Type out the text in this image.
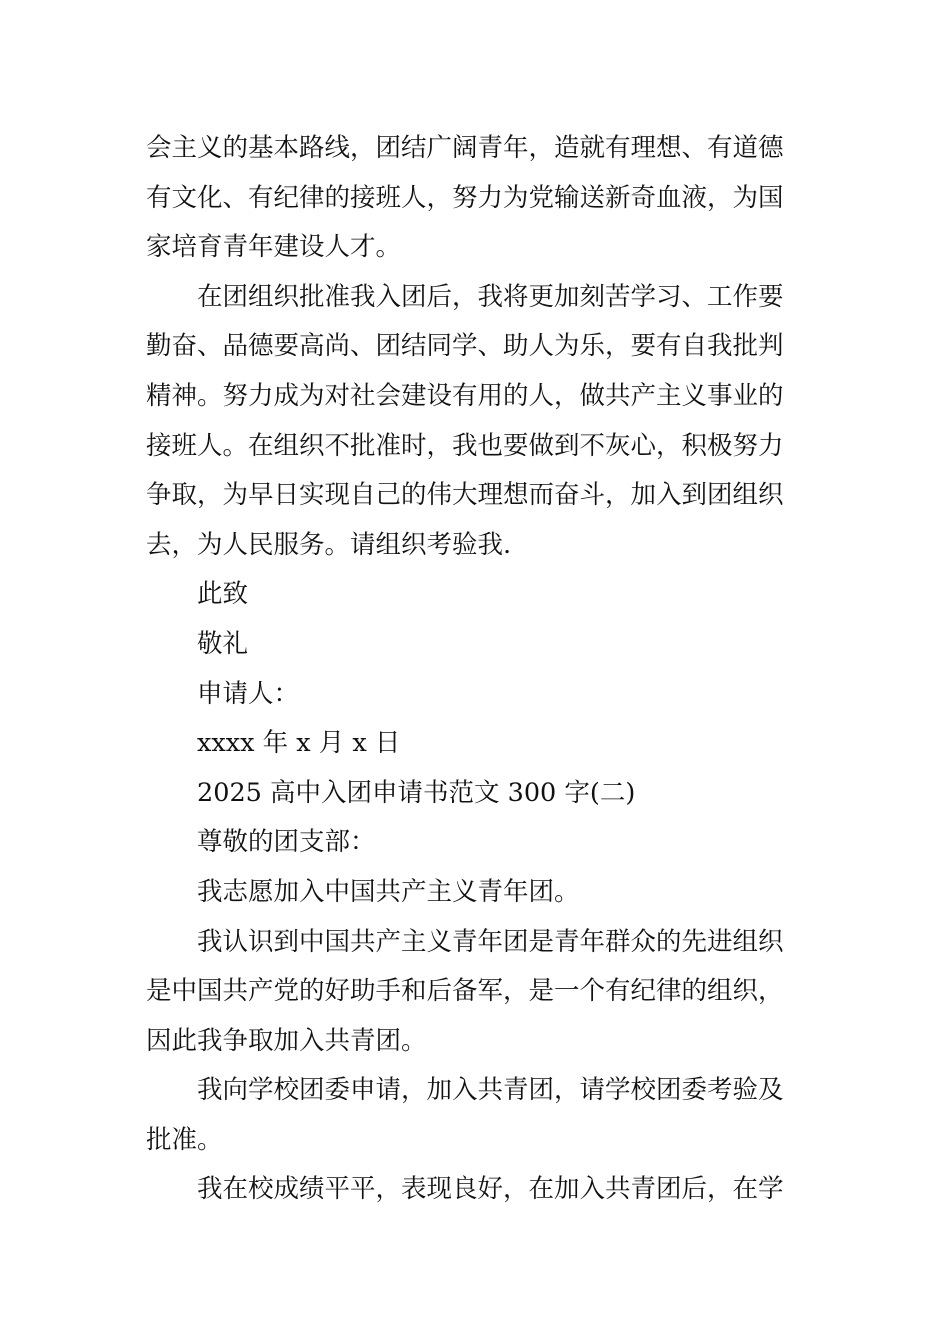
会主义的基本路线，团结广阔青年，造就有理想、有道德
有文化、有纪律的接班人，努力为党输送新奇血液，为国
家培育青年建设人才。
在团组织批准我入团后，我将更加刻苦学习、工作要
勤奋、品德要高尚、团结同学、助人为乐，要有自我批判
精神。努力成为对社会建设有用的人，做共产主义事业的
接班人。在组织不批准时，我也要做到不灰心，积极努力
争取，为早日实现自己的伟大理想而奋斗，加入到团组织
去，为人民服务。请组织考验我.
此致
敬礼
申请人：
xxxx 年 x 月 x 日
2025 高中入团申请书范文 300 字(二)
尊敬的团支部：
我志愿加入中国共产主义青年团。
我认识到中国共产主义青年团是青年群众的先进组织
是中国共产党的好助手和后备军，是一个有纪律的组织，
因此我争取加入共青团。
我向学校团委申请，加入共青团，请学校团委考验及
批准。
我在校成绩平平，表现良好，在加入共青团后，在学
